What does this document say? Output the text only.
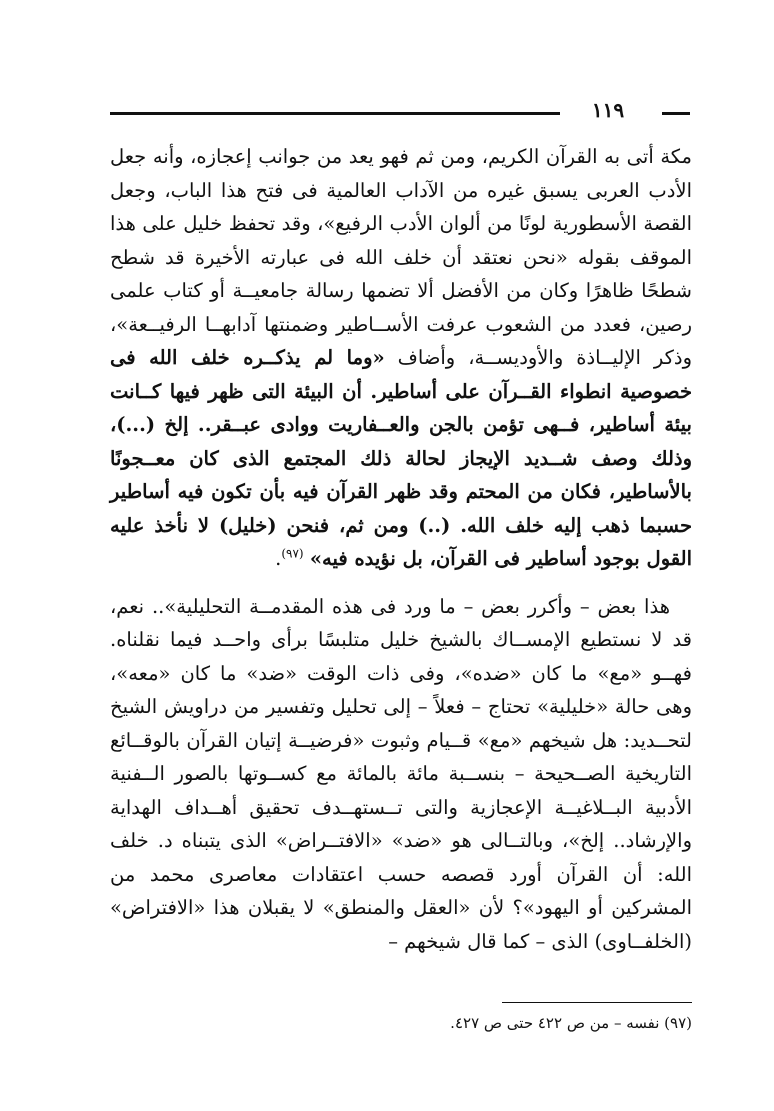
١١٩

مكة أتى به القرآن الكريم، ومن ثم فهو يعد من جوانب إعجازه، وأنه جعل الأدب العربى يسبق غيره من الآداب العالمية فى فتح هذا الباب، وجعل القصة الأسطورية لونًا من ألوان الأدب الرفيع»، وقد تحفظ خليل على هذا الموقف بقوله «نحن نعتقد أن خلف الله فى عبارته الأخيرة قد شطح شطحًا ظاهرًا وكان من الأفضل ألا تضمها رسالة جامعيــة أو كتاب علمى رصين، فعدد من الشعوب عرفت الأســاطير وضمنتها آدابهــا الرفيــعة»، وذكر الإليــاذة والأوديســة، وأضاف «وما لم يذكــره خلف الله فى خصوصية انطواء القــرآن على أساطير. أن البيئة التى ظهر فيها كــانت بيئة أساطير، فــهى تؤمن بالجن والعــفاريت ووادى عبــقر.. إلخ (...)، وذلك وصف شــديد الإيجاز لحالة ذلك المجتمع الذى كان معــجونًا بالأساطير، فكان من المحتم وقد ظهر القرآن فيه بأن تكون فيه أساطير حسبما ذهب إليه خلف الله. (..) ومن ثم، فنحن (خليل) لا نأخذ عليه القول بوجود أساطير فى القرآن، بل نؤيده فيه» $^{(٩٧)}$.

هذا بعض – وأكرر بعض – ما ورد فى هذه المقدمــة التحليلية».. نعم، قد لا نستطيع الإمســاك بالشيخ خليل متلبسًا برأى واحــد فيما نقلناه. فهــو «مع» ما كان «ضده»، وفى ذات الوقت «ضد» ما كان «معه»، وهى حالة «خليلية» تحتاج – فعلاً – إلى تحليل وتفسير من دراويش الشيخ لتحــديد: هل شيخهم «مع» قــيام وثبوت «فرضيــة إتيان القرآن بالوقــائع التاريخية الصــحيحة – بنســبة مائة بالمائة مع كســوتها بالصور الــفنية الأدبية البــلاغيــة الإعجازية والتى تــستهــدف تحقيق أهــداف الهداية والإرشاد.. إلخ»، وبالتــالى هو «ضد» «الافتــراض» الذى يتبناه د. خلف الله: أن القرآن أورد قصصه حسب اعتقادات معاصرى محمد من المشركين أو اليهود»؟ لأن «العقل والمنطق» لا يقبلان هذا «الافتراض» (الخلفــاوى) الذى – كما قال شيخهم –

(٩٧) نفسه – من ص ٤٢٢ حتى ص ٤٢٧.
